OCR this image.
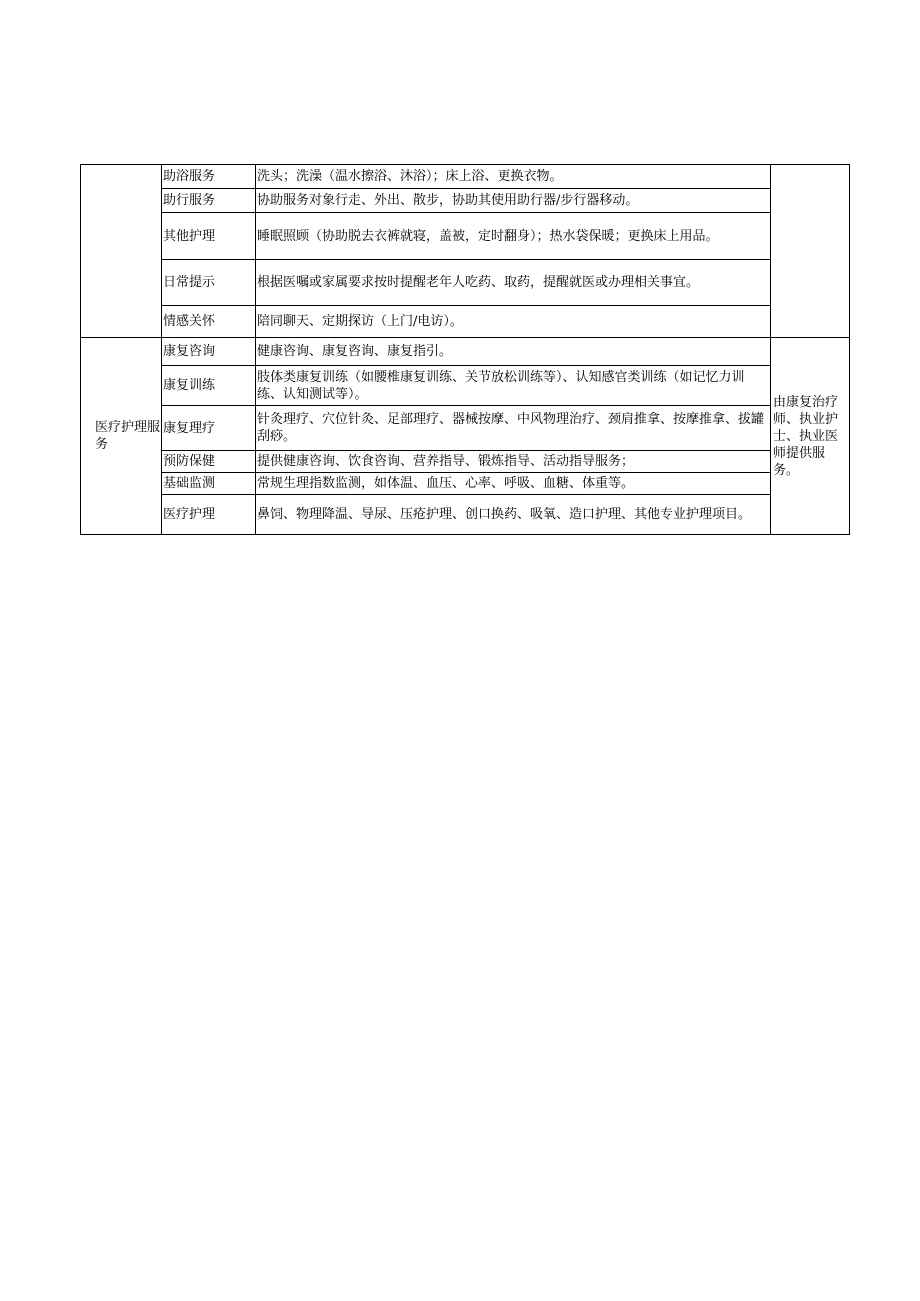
	助浴服务	洗头；洗澡（温水擦浴、沐浴）；床上浴、更换衣物。	
	助行服务	协助服务对象行走、外出、散步，协助其使用助行器/步行器移动。	
	其他护理	睡眠照顾（协助脱去衣裤就寝，盖被，定时翻身）；热水袋保暖；更换床上用品。	
	日常提示	根据医嘱或家属要求按时提醒老年人吃药、取药，提醒就医或办理相关事宜。	
	情感关怀	陪同聊天、定期探访（上门/电访）。	
医疗护理服务	康复咨询	健康咨询、康复咨询、康复指引。	由康复治疗师、执业护士、执业医师提供服务。
	康复训练	肢体类康复训练（如腰椎康复训练、关节放松训练等）、认知感官类训练（如记忆力训练、认知测试等）。	
	康复理疗	针灸理疗、穴位针灸、足部理疗、器械按摩、中风物理治疗、颈肩推拿、按摩推拿、拔罐刮痧。	
	预防保健	提供健康咨询、饮食咨询、营养指导、锻炼指导、活动指导服务；	
	基础监测	常规生理指数监测，如体温、血压、心率、呼吸、血糖、体重等。	
	医疗护理	鼻饲、物理降温、导尿、压疮护理、创口换药、吸氧、造口护理、其他专业护理项目。	
